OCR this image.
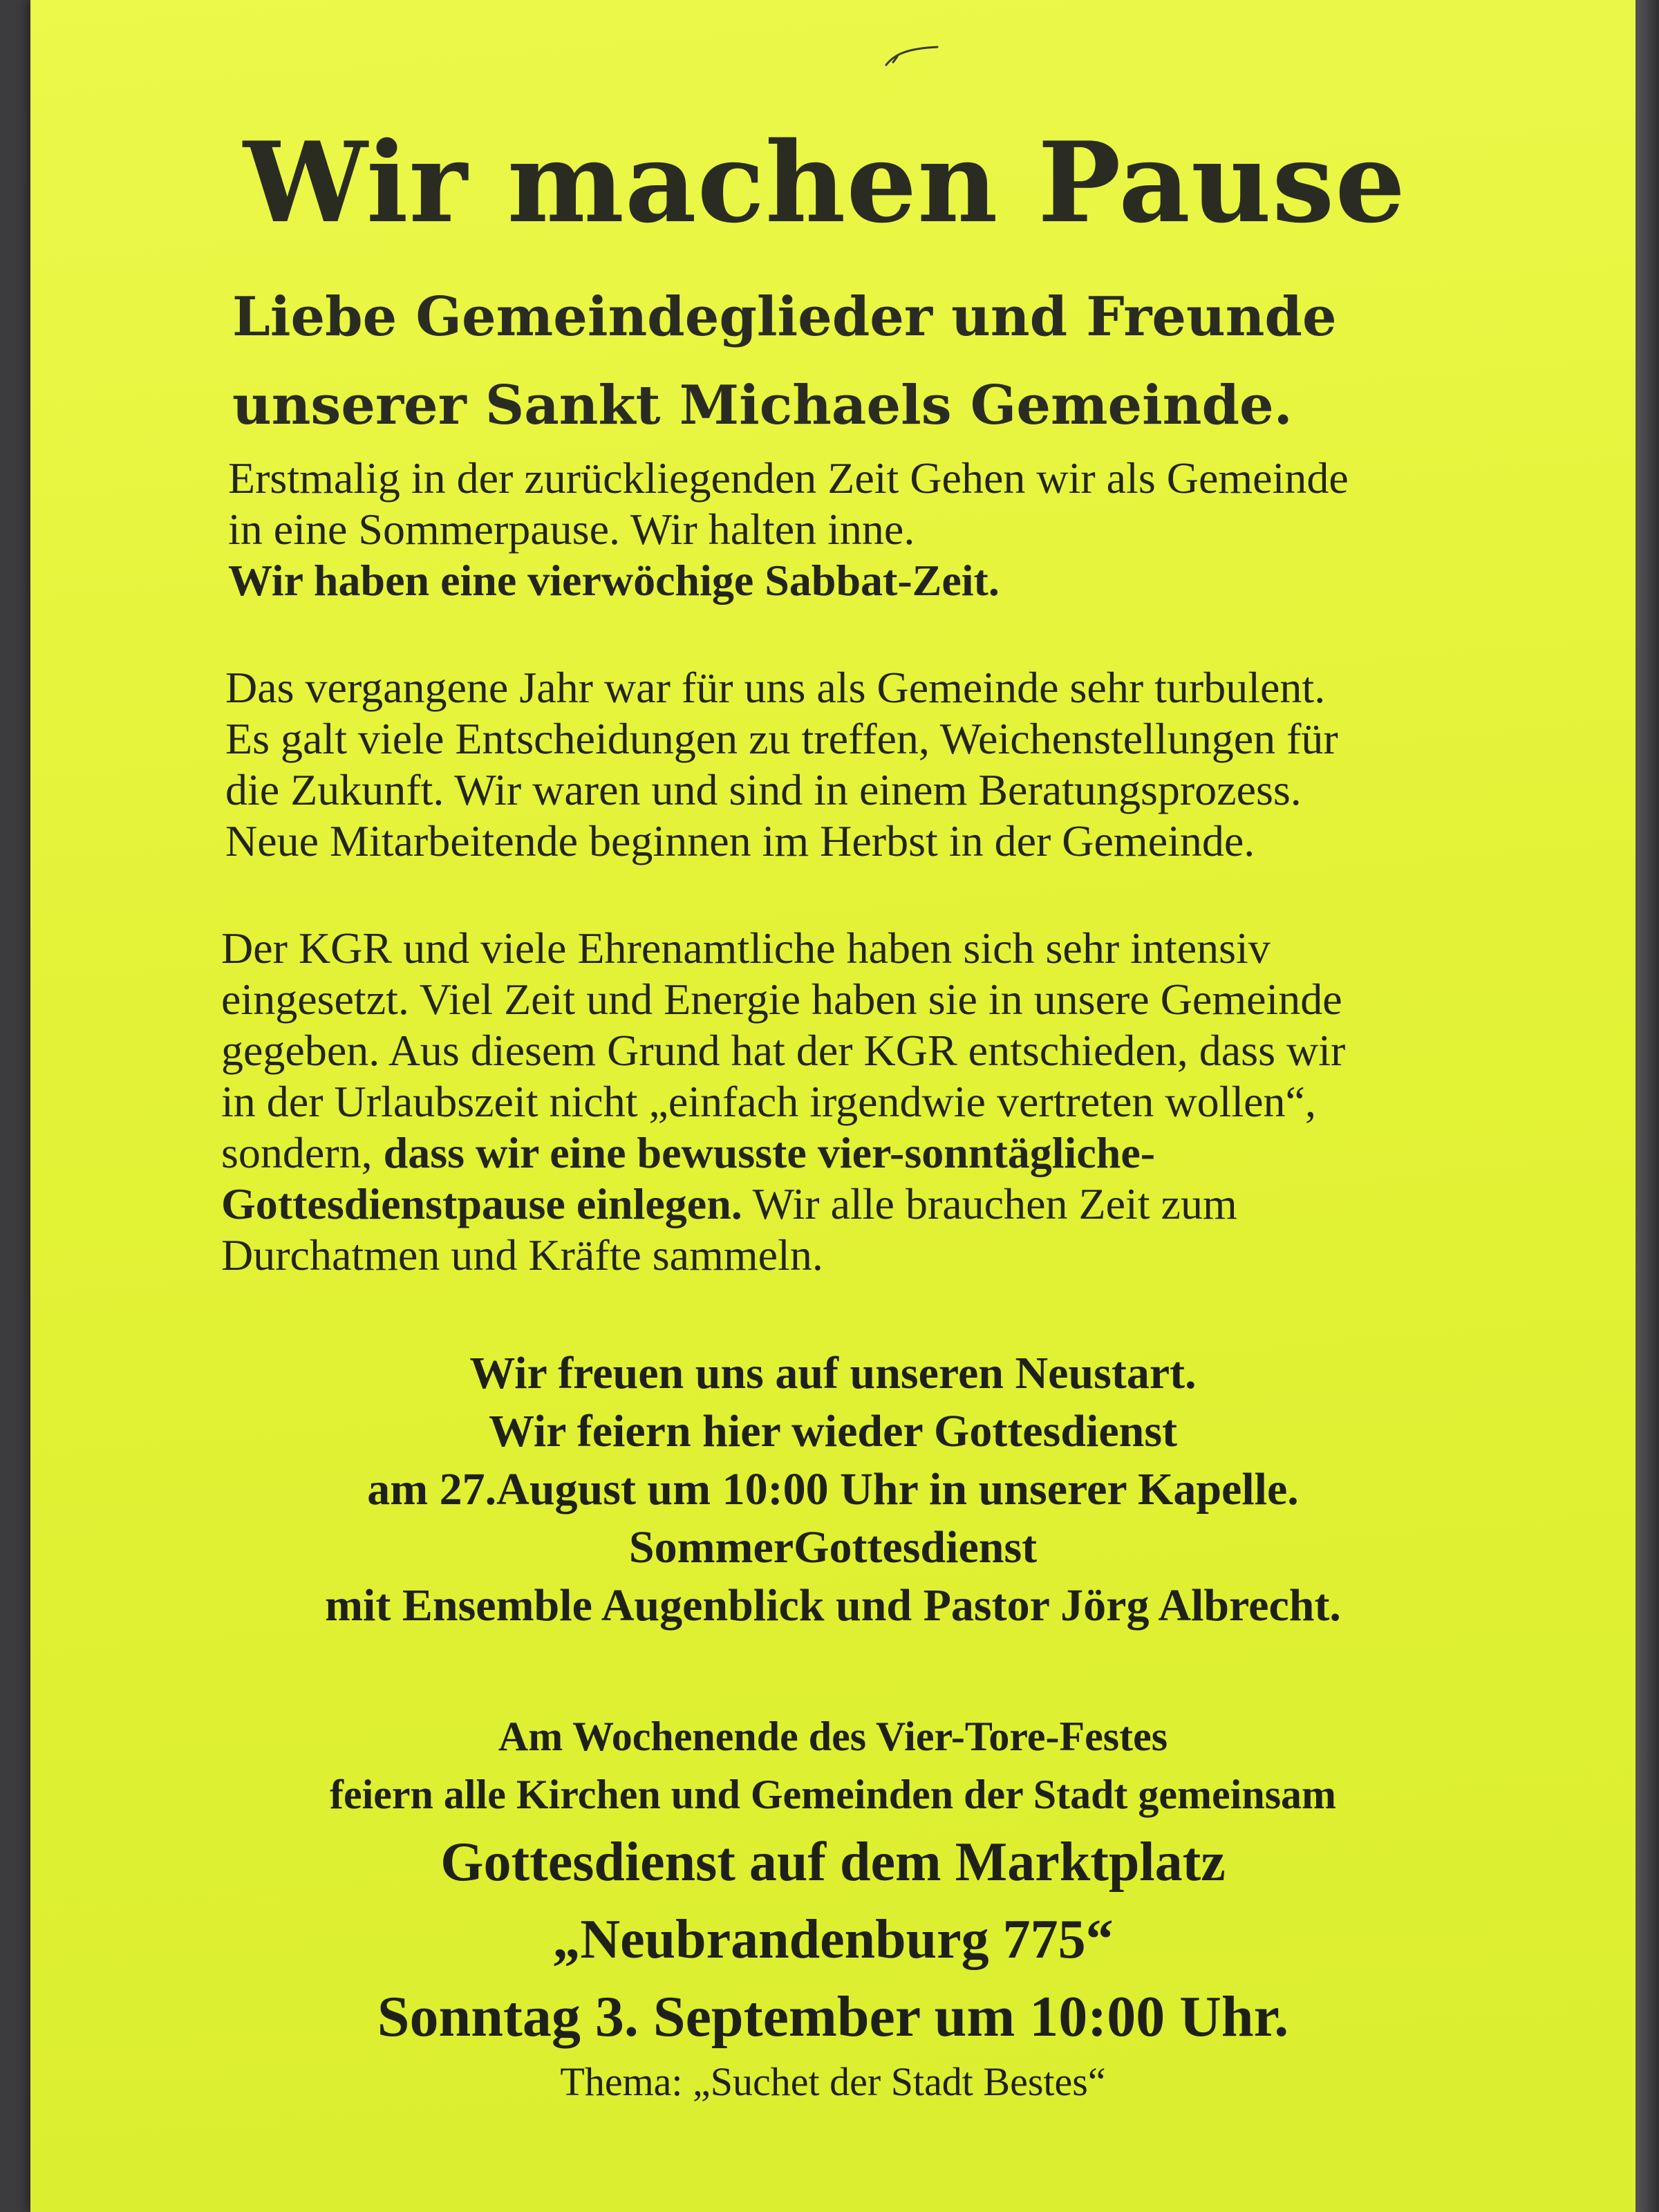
Wir machen Pause
Liebe Gemeindeglieder und Freunde
unserer Sankt Michaels Gemeinde.

Erstmalig in der zurückliegenden Zeit Gehen wir als Gemeinde
in eine Sommerpause. Wir halten inne.
Wir haben eine vierwöchige Sabbat-Zeit.

Das vergangene Jahr war für uns als Gemeinde sehr turbulent.
Es galt viele Entscheidungen zu treffen, Weichenstellungen für
die Zukunft. Wir waren und sind in einem Beratungsprozess.
Neue Mitarbeitende beginnen im Herbst in der Gemeinde.

Der KGR und viele Ehrenamtliche haben sich sehr intensiv
eingesetzt. Viel Zeit und Energie haben sie in unsere Gemeinde
gegeben. Aus diesem Grund hat der KGR entschieden, dass wir
in der Urlaubszeit nicht „einfach irgendwie vertreten wollen“,
sondern, dass wir eine bewusste vier-sonntägliche-
Gottesdienstpause einlegen. Wir alle brauchen Zeit zum
Durchatmen und Kräfte sammeln.

Wir freuen uns auf unseren Neustart.
Wir feiern hier wieder Gottesdienst
am 27.August um 10:00 Uhr in unserer Kapelle.
SommerGottesdienst
mit Ensemble Augenblick und Pastor Jörg Albrecht.

Am Wochenende des Vier-Tore-Festes
feiern alle Kirchen und Gemeinden der Stadt gemeinsam
Gottesdienst auf dem Marktplatz
„Neubrandenburg 775“
Sonntag 3. September um 10:00 Uhr.
Thema: „Suchet der Stadt Bestes“
